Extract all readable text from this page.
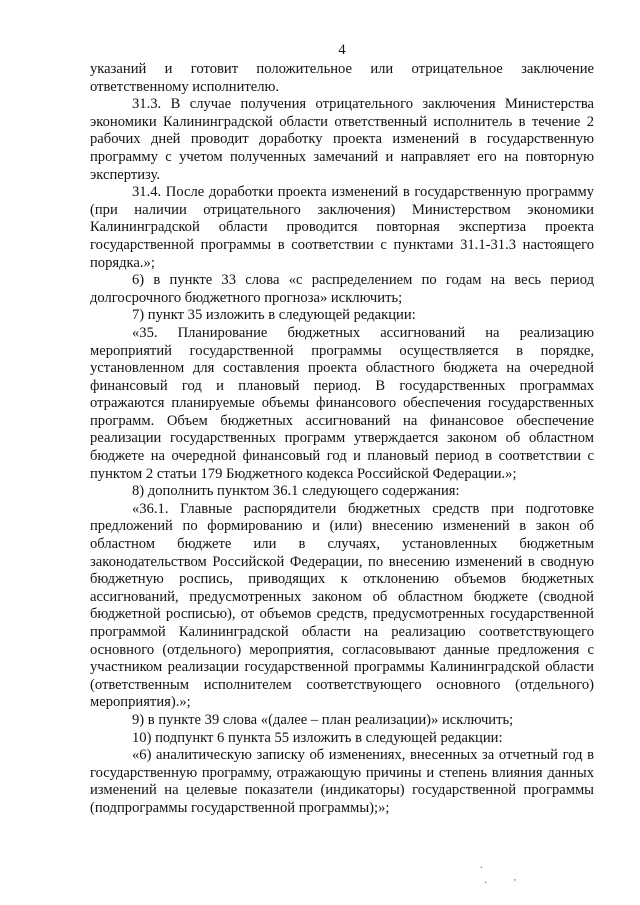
4

указаний и готовит положительное или отрицательное заключение ответственному исполнителю.

31.3. В случае получения отрицательного заключения Министерства экономики Калининградской области ответственный исполнитель в течение 2 рабочих дней проводит доработку проекта изменений в государственную программу с учетом полученных замечаний и направляет его на повторную экспертизу.

31.4. После доработки проекта изменений в государственную программу (при наличии отрицательного заключения) Министерством экономики Калининградской области проводится повторная экспертиза проекта государственной программы в соответствии с пунктами 31.1-31.3 настоящего порядка.»;

6) в пункте 33 слова «с распределением по годам на весь период долгосрочного бюджетного прогноза» исключить;

7) пункт 35 изложить в следующей редакции:

«35. Планирование бюджетных ассигнований на реализацию мероприятий государственной программы осуществляется в порядке, установленном для составления проекта областного бюджета на очередной финансовый год и плановый период. В государственных программах отражаются планируемые объемы финансового обеспечения государственных программ. Объем бюджетных ассигнований на финансовое обеспечение реализации государственных программ утверждается законом об областном бюджете на очередной финансовый год и плановый период в соответствии с пунктом 2 статьи 179 Бюджетного кодекса Российской Федерации.»;

8) дополнить пунктом 36.1 следующего содержания:

«36.1. Главные распорядители бюджетных средств при подготовке предложений по формированию и (или) внесению изменений в закон об областном бюджете или в случаях, установленных бюджетным законодательством Российской Федерации, по внесению изменений в сводную бюджетную роспись, приводящих к отклонению объемов бюджетных ассигнований, предусмотренных законом об областном бюджете (сводной бюджетной росписью), от объемов средств, предусмотренных государственной программой Калининградской области на реализацию соответствующего основного (отдельного) мероприятия, согласовывают данные предложения с участником реализации государственной программы Калининградской области (ответственным исполнителем соответствующего основного (отдельного) мероприятия).»;

9) в пункте 39 слова «(далее – план реализации)» исключить;

10) подпункт 6 пункта 55 изложить в следующей редакции:

«6) аналитическую записку об изменениях, внесенных за отчетный год в государственную программу, отражающую причины и степень влияния данных изменений на целевые показатели (индикаторы) государственной программы (подпрограммы государственной программы);»;

.
·	'
